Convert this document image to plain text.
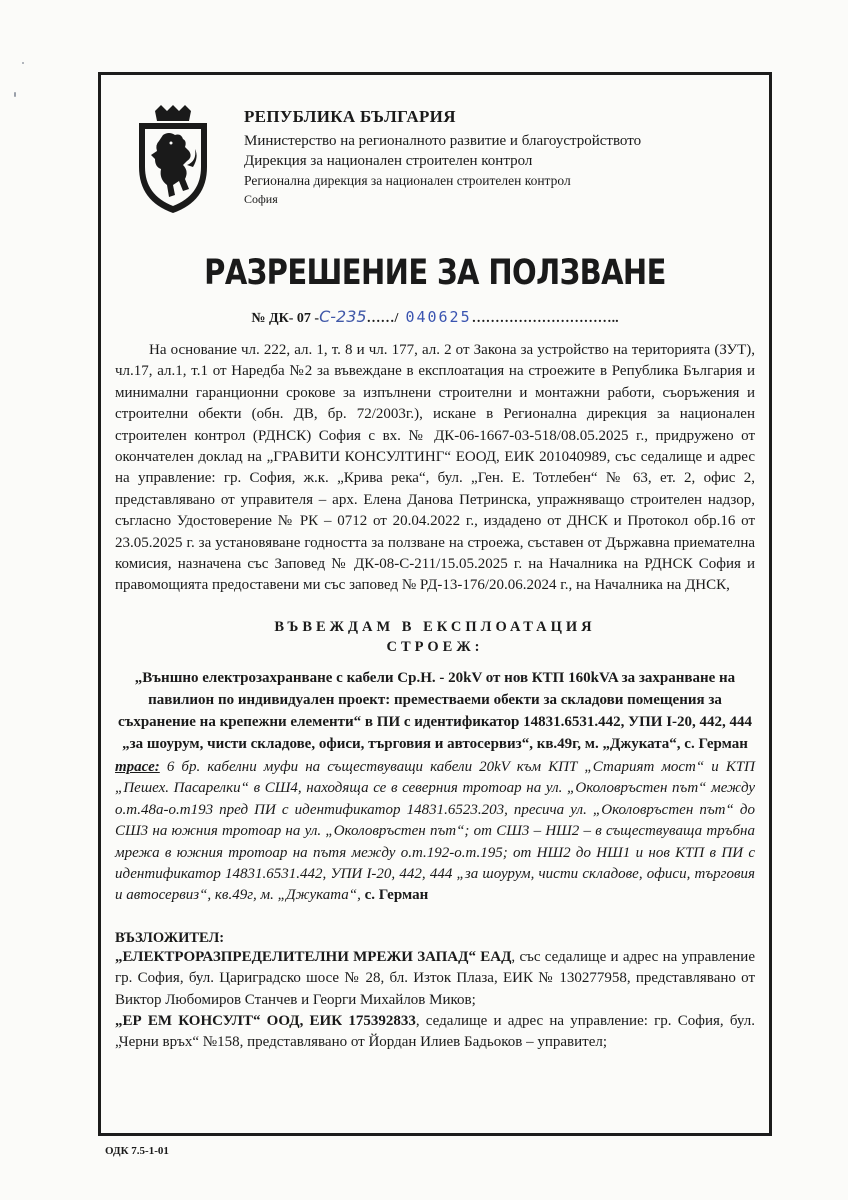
РЕПУБЛИКА БЪЛГАРИЯ

Министерство на регионалното развитие и благоустройството

Дирекция за национален строителен контрол

Регионална дирекция за национален строителен контрол

София

РАЗРЕШЕНИЕ ЗА ПОЛЗВАНЕ
№ ДК- 07 -С-235……/ 040625…………………………..

На основание чл. 222, ал. 1, т. 8 и чл. 177, ал. 2 от Закона за устройство на територията (ЗУТ), чл.17, ал.1, т.1 от Наредба №2 за въвеждане в експлоатация на строежите в Република България и минимални гаранционни срокове за изпълнени строителни и монтажни работи, съоръжения и строителни обекти (обн. ДВ, бр. 72/2003г.), искане в Регионална дирекция за национален строителен контрол (РДНСК) София с вх. № ДК-06-1667-03-518/08.05.2025 г., придружено от окончателен доклад на „ГРАВИТИ КОНСУЛТИНГ“ ЕООД, ЕИК 201040989, със седалище и адрес на управление: гр. София, ж.к. „Крива река“, бул. „Ген. Е. Тотлебен“ № 63, ет. 2, офис 2, представлявано от управителя – арх. Елена Данова Петринска, упражняващо строителен надзор, съгласно Удостоверение № РК – 0712 от 20.04.2022 г., издадено от ДНСК и Протокол обр.16 от 23.05.2025 г. за установяване годността за ползване на строежа, съставен от Държавна приемателна комисия, назначена със Заповед № ДК-08-С-211/15.05.2025 г. на Началника на РДНСК София и правомощията предоставени ми със заповед № РД-13-176/20.06.2024 г., на Началника на ДНСК,

ВЪВЕЖДАМ В ЕКСПЛОАТАЦИЯ
СТРОЕЖ:

„Външно електрозахранване с кабели Ср.Н. - 20kV от нов КТП 160kVA за захранване на павилион по индивидуален проект: преместваеми обекти за складови помещения за съхранение на крепежни елементи“ в ПИ с идентификатор 14831.6531.442, УПИ I-20, 442, 444 „за шоурум, чисти складове, офиси, търговия и автосервиз“, кв.49г, м. „Джуката“, с. Герман

трасе: 6 бр. кабелни муфи на съществуващи кабели 20kV към КПТ „Старият мост“ и КТП „Пешех. Пасарелки“ в СШ4, находяща се в северния тротоар на ул. „Околовръстен път“ между о.т.48а-о.т193 пред ПИ с идентификатор 14831.6523.203, пресича ул. „Околовръстен път“ до СШ3 на южния тротоар на ул. „Околовръстен път“; от СШ3 – НШ2 – в съществуваща тръбна мрежа в южния тротоар на пътя между о.т.192-о.т.195; от НШ2 до НШ1 и нов КТП в ПИ с идентификатор 14831.6531.442, УПИ I-20, 442, 444 „за шоурум, чисти складове, офиси, търговия и автосервиз“, кв.49г, м. „Джуката“, с. Герман

ВЪЗЛОЖИТЕЛ:

„ЕЛЕКТРОРАЗПРЕДЕЛИТЕЛНИ МРЕЖИ ЗАПАД“ ЕАД, със седалище и адрес на управление гр. София, бул. Цариградско шосе № 28, бл. Изток Плаза, ЕИК № 130277958, представлявано от Виктор Любомиров Станчев и Георги Михайлов Миков;

„ЕР ЕМ КОНСУЛТ“ ООД, ЕИК 175392833, седалище и адрес на управление: гр. София, бул. „Черни връх“ №158, представлявано от Йордан Илиев Бадьоков – управител;

ОДК 7.5-1-01
